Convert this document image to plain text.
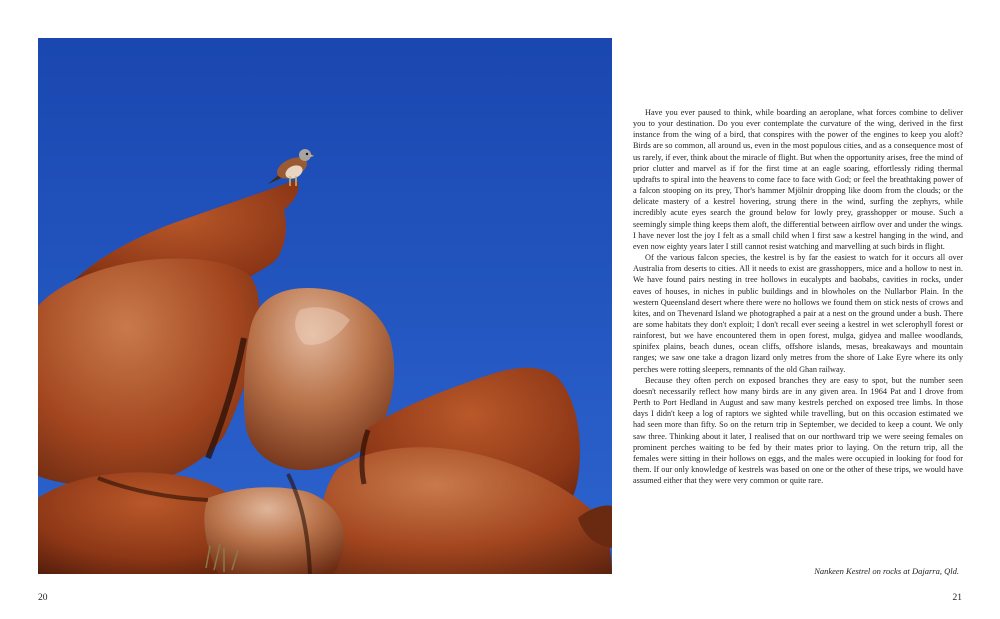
Have you ever paused to think, while boarding an aeroplane, what forces combine to deliver you to your destination. Do you ever contemplate the curvature of the wing, derived in the first instance from the wing of a bird, that conspires with the power of the engines to keep you aloft? Birds are so common, all around us, even in the most populous cities, and as a consequence most of us rarely, if ever, think about the miracle of flight. But when the opportunity arises, free the mind of prior clutter and marvel as if for the first time at an eagle soaring, effortlessly riding thermal updrafts to spiral into the heavens to come face to face with God; or feel the breathtaking power of a falcon stooping on its prey, Thor's hammer Mjölnir dropping like doom from the clouds; or the delicate mastery of a kestrel hovering, strung there in the wind, surfing the zephyrs, while incredibly acute eyes search the ground below for lowly prey, grasshopper or mouse. Such a seemingly simple thing keeps them aloft, the differential between airflow over and under the wings. I have never lost the joy I felt as a small child when I first saw a kestrel hanging in the wind, and even now eighty years later I still cannot resist watching and marvelling at such birds in flight.

Of the various falcon species, the kestrel is by far the easiest to watch for it occurs all over Australia from deserts to cities. All it needs to exist are grasshoppers, mice and a hollow to nest in. We have found pairs nesting in tree hollows in eucalypts and baobabs, cavities in rocks, under eaves of houses, in niches in public buildings and in blowholes on the Nullarbor Plain. In the western Queensland desert where there were no hollows we found them on stick nests of crows and kites, and on Thevenard Island we photographed a pair at a nest on the ground under a bush. There are some habitats they don't exploit; I don't recall ever seeing a kestrel in wet sclerophyll forest or rainforest, but we have encountered them in open forest, mulga, gidyea and mallee woodlands, spinifex plains, beach dunes, ocean cliffs, offshore islands, mesas, breakaways and mountain ranges; we saw one take a dragon lizard only metres from the shore of Lake Eyre where its only perches were rotting sleepers, remnants of the old Ghan railway.

Because they often perch on exposed branches they are easy to spot, but the number seen doesn't necessarily reflect how many birds are in any given area. In 1964 Pat and I drove from Perth to Port Hedland in August and saw many kestrels perched on exposed tree limbs. In those days I didn't keep a log of raptors we sighted while travelling, but on this occasion estimated we had seen more than fifty. So on the return trip in September, we decided to keep a count. We only saw three. Thinking about it later, I realised that on our northward trip we were seeing females on prominent perches waiting to be fed by their mates prior to laying. On the return trip, all the females were sitting in their hollows on eggs, and the males were occupied in looking for food for them. If our only knowledge of kestrels was based on one or the other of these trips, we would have assumed either that they were very common or quite rare.

Nankeen Kestrel on rocks at Dajarra, Qld.
20	21
